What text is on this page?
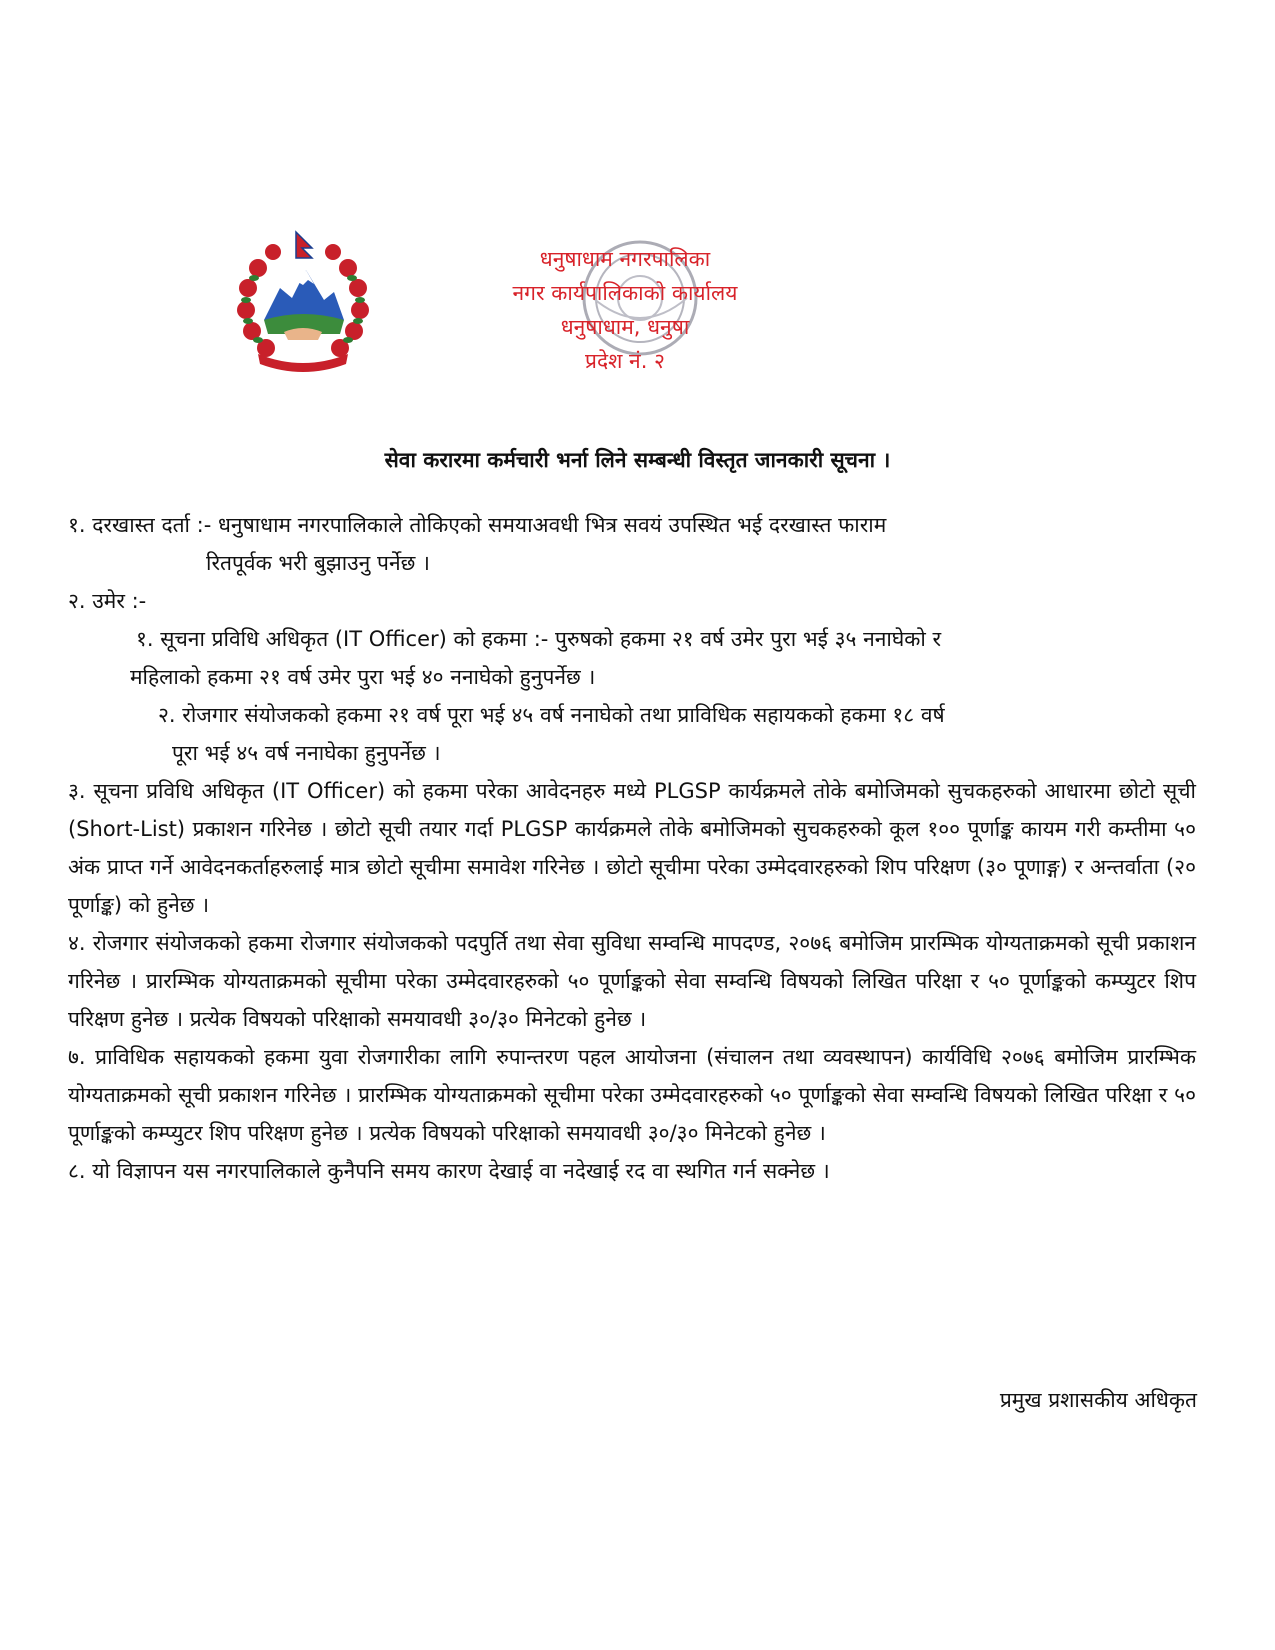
धनुषाधाम नगरपालिका
नगर कार्यपालिकाको कार्यालय
धनुषाधाम, धनुषा
प्रदेश नं. २
सेवा करारमा कर्मचारी भर्ना लिने सम्बन्धी विस्तृत जानकारी सूचना ।
१. दरखास्त दर्ता :- धनुषाधाम नगरपालिकाले तोकिएको समयाअवधी भित्र सवयं उपस्थित भई दरखास्त फाराम
रितपूर्वक भरी बुझाउनु पर्नेछ ।
२. उमेर :-
१. सूचना प्रविधि अधिकृत (IT Officer) को हकमा :- पुरुषको हकमा २१ वर्ष उमेर पुरा भई ३५ ननाघेको र
महिलाको हकमा २१ वर्ष उमेर पुरा भई ४० ननाघेको हुनुपर्नेछ ।
२. रोजगार संयोजकको हकमा २१ वर्ष पूरा भई ४५ वर्ष ननाघेको तथा प्राविधिक सहायकको हकमा १८ वर्ष
पूरा भई ४५ वर्ष ननाघेका हुनुपर्नेछ ।
३. सूचना प्रविधि अधिकृत (IT Officer) को हकमा परेका आवेदनहरु मध्ये PLGSP कार्यक्रमले तोके बमोजिमको सुचकहरुको आधारमा छोटो सूची (Short-List) प्रकाशन गरिनेछ । छोटो सूची तयार गर्दा PLGSP कार्यक्रमले तोके बमोजिमको सुचकहरुको कूल १०० पूर्णाङ्क कायम गरी कम्तीमा ५० अंक प्राप्त गर्ने आवेदनकर्ताहरुलाई मात्र छोटो सूचीमा समावेश गरिनेछ । छोटो सूचीमा परेका उम्मेदवारहरुको शिप परिक्षण (३० पूणाङ्ग) र अन्तर्वाता (२० पूर्णाङ्क) को हुनेछ ।
४. रोजगार संयोजकको हकमा रोजगार संयोजकको पदपुर्ति तथा सेवा सुविधा सम्वन्धि मापदण्ड, २०७६ बमोजिम प्रारम्भिक योग्यताक्रमको सूची प्रकाशन गरिनेछ । प्रारम्भिक योग्यताक्रमको सूचीमा परेका उम्मेदवारहरुको ५० पूर्णाङ्कको सेवा सम्वन्धि विषयको लिखित परिक्षा र ५० पूर्णाङ्कको कम्प्युटर शिप परिक्षण हुनेछ । प्रत्येक विषयको परिक्षाको समयावधी ३०/३० मिनेटको हुनेछ ।
७. प्राविधिक सहायकको हकमा युवा रोजगारीका लागि रुपान्तरण पहल आयोजना (संचालन तथा व्यवस्थापन) कार्यविधि २०७६ बमोजिम प्रारम्भिक योग्यताक्रमको सूची प्रकाशन गरिनेछ । प्रारम्भिक योग्यताक्रमको सूचीमा परेका उम्मेदवारहरुको ५० पूर्णाङ्कको सेवा सम्वन्धि विषयको लिखित परिक्षा र ५० पूर्णाङ्कको कम्प्युटर शिप परिक्षण हुनेछ । प्रत्येक विषयको परिक्षाको समयावधी ३०/३० मिनेटको हुनेछ ।
८. यो विज्ञापन यस नगरपालिकाले कुनैपनि समय कारण देखाई वा नदेखाई रद वा स्थगित गर्न सक्नेछ ।
प्रमुख प्रशासकीय अधिकृत
